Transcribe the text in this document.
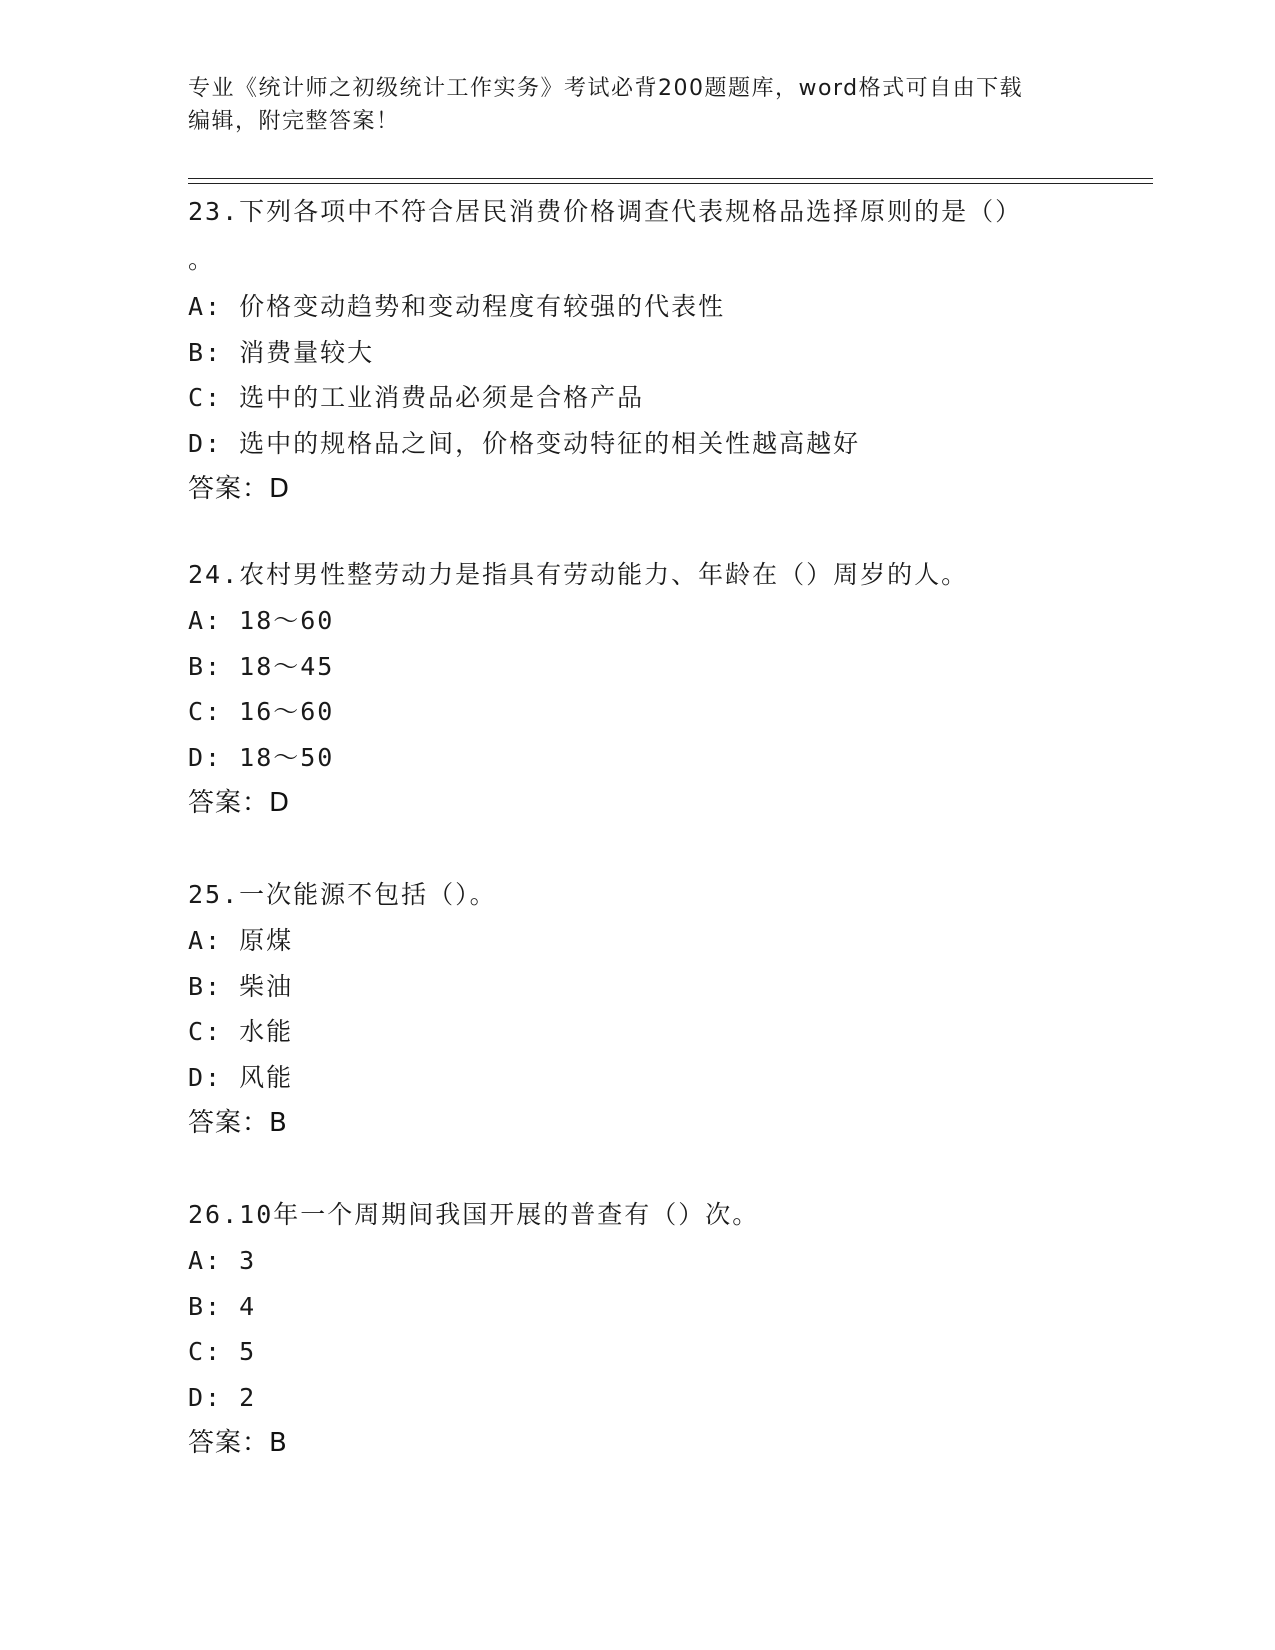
专业《统计师之初级统计工作实务》考试必背200题题库，word格式可自由下载
编辑，附完整答案！
23.下列各项中不符合居民消费价格调查代表规格品选择原则的是（）
。
A: 价格变动趋势和变动程度有较强的代表性
B: 消费量较大
C: 选中的工业消费品必须是合格产品
D: 选中的规格品之间，价格变动特征的相关性越高越好
答案：D
24.农村男性整劳动力是指具有劳动能力、年龄在（）周岁的人。
A: 18～60
B: 18～45
C: 16～60
D: 18～50
答案：D
25.一次能源不包括（）。
A: 原煤
B: 柴油
C: 水能
D: 风能
答案：B
26.10年一个周期间我国开展的普查有（）次。
A: 3
B: 4
C: 5
D: 2
答案：B
